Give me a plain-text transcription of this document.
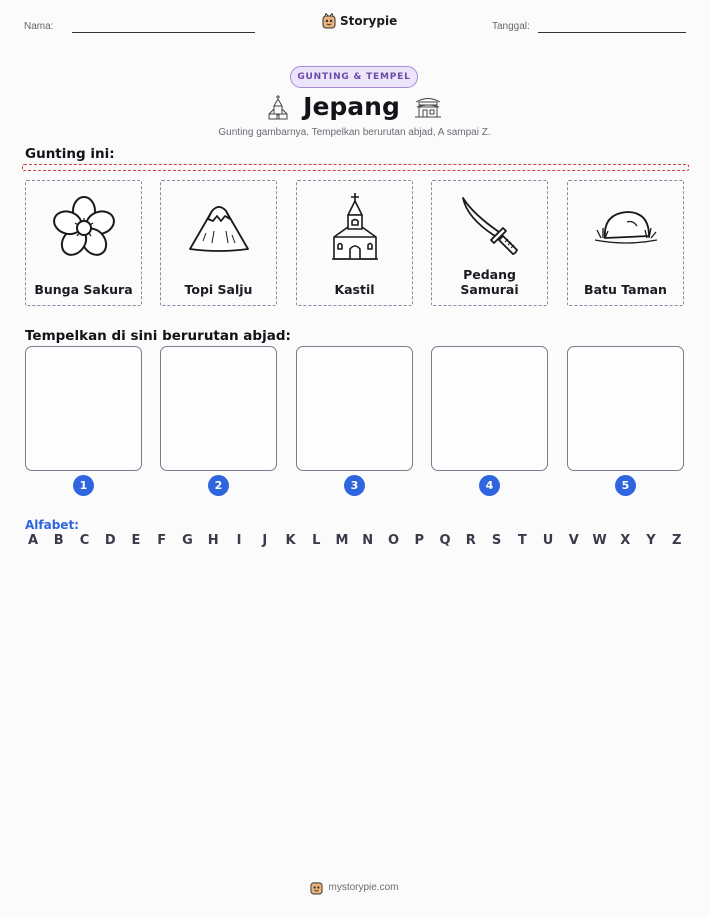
Nama:	Storypie	Tanggal:
GUNTING & TEMPEL
Jepang
Gunting gambarnya. Tempelkan berurutan abjad, A sampai Z.
Gunting ini:
Bunga Sakura	Topi Salju	Kastil
Pedang Samurai	Batu Taman
Tempelkan di sini berurutan abjad:
1	2	3	4	5
Alfabet:
A B C D E F G H	I	J	K L M N O P Q R S T U V W X Y Z
mystorypie.com
